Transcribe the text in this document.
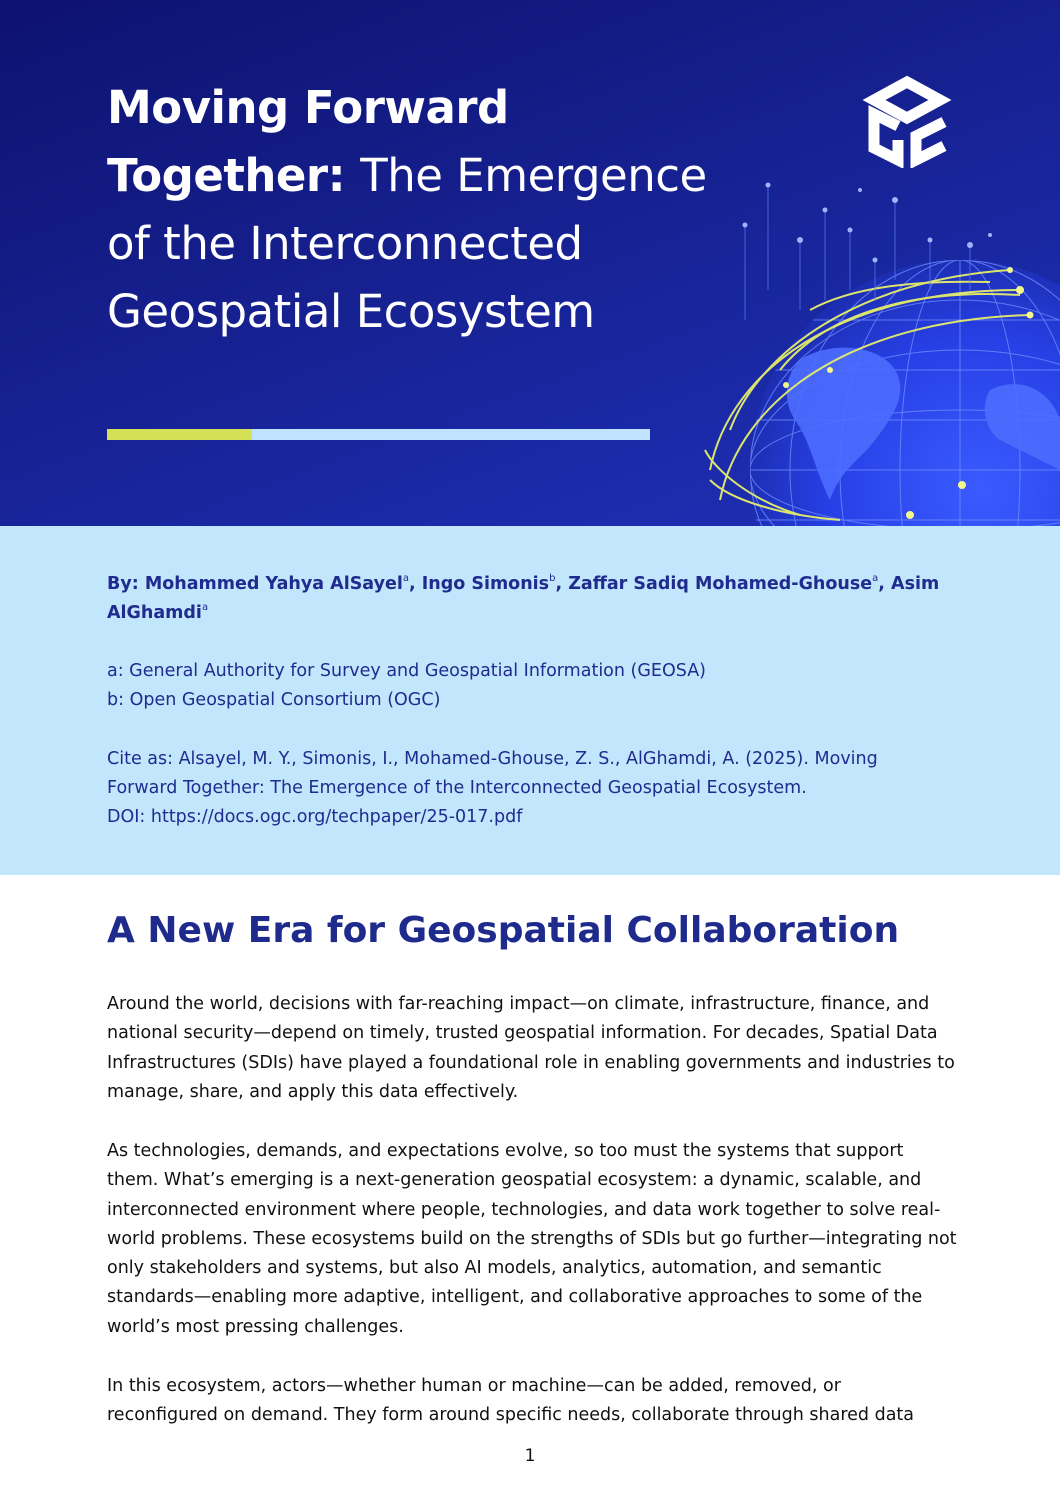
Moving Forward Together: The Emergence of the Interconnected Geospatial Ecosystem

By: Mohammed Yahya AlSayel$^a$, Ingo Simonis$^b$, Zaffar Sadiq Mohamed-Ghouse$^a$, Asim AlGhamdi$^a$

a: General Authority for Survey and Geospatial Information (GEOSA)
b: Open Geospatial Consortium (OGC)
Cite as: Alsayel, M. Y., Simonis, I., Mohamed-Ghouse, Z. S., AlGhamdi, A. (2025). Moving
Forward Together: The Emergence of the Interconnected Geospatial Ecosystem.
DOI: https://docs.ogc.org/techpaper/25-017.pdf
A New Era for Geospatial Collaboration

Around the world, decisions with far-reaching impact—on climate, infrastructure, finance, and national security—depend on timely, trusted geospatial information. For decades, Spatial Data Infrastructures (SDIs) have played a foundational role in enabling governments and industries to manage, share, and apply this data effectively.

As technologies, demands, and expectations evolve, so too must the systems that support them. What’s emerging is a next-generation geospatial ecosystem: a dynamic, scalable, and interconnected environment where people, technologies, and data work together to solve real-world problems. These ecosystems build on the strengths of SDIs but go further—integrating not only stakeholders and systems, but also AI models, analytics, automation, and semantic standards—enabling more adaptive, intelligent, and collaborative approaches to some of the world’s most pressing challenges.

In this ecosystem, actors—whether human or machine—can be added, removed, or reconfigured on demand. They form around specific needs, collaborate through shared data

1
